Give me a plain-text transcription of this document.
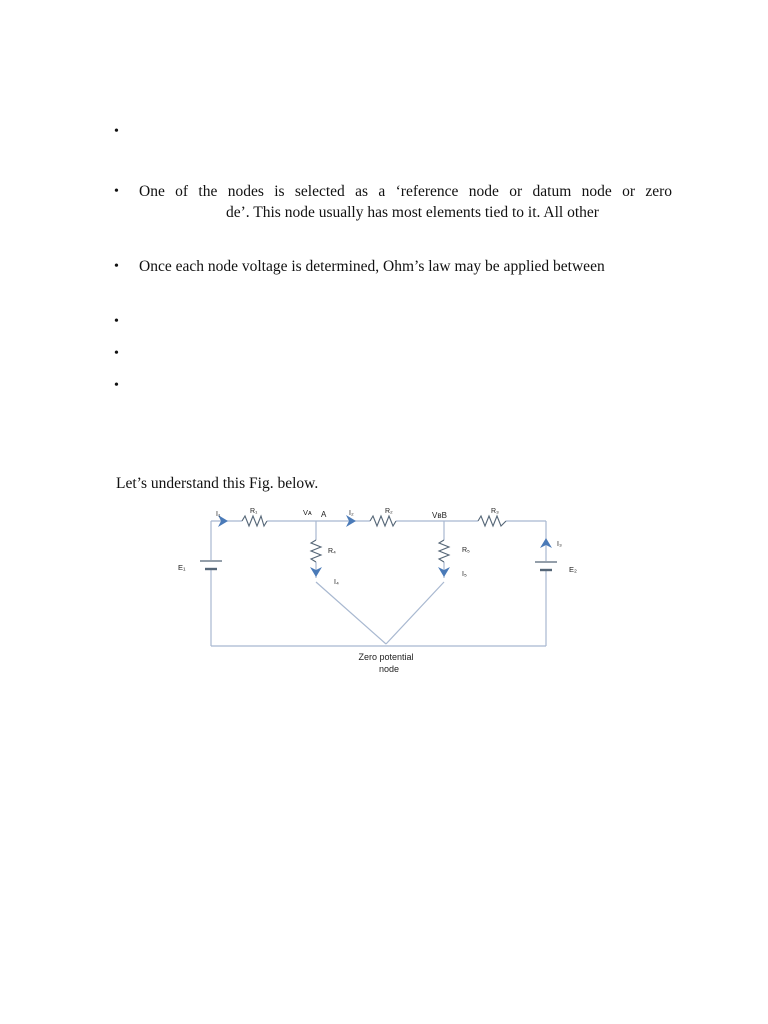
•
• One of the nodes is selected as a ‘reference node or datum node or zero
de’. This node usually has most elements tied to it. All other
• Once each node voltage is determined, Ohm’s law may be applied between
•
•
•
Let’s understand this Fig. below.
I₁	R₁	Vᴀ A	I₂	R₂	VʙB	R₃
R₄
I₄
R₅
I₅
I₃
E₁	E₂
Zero potential
node
